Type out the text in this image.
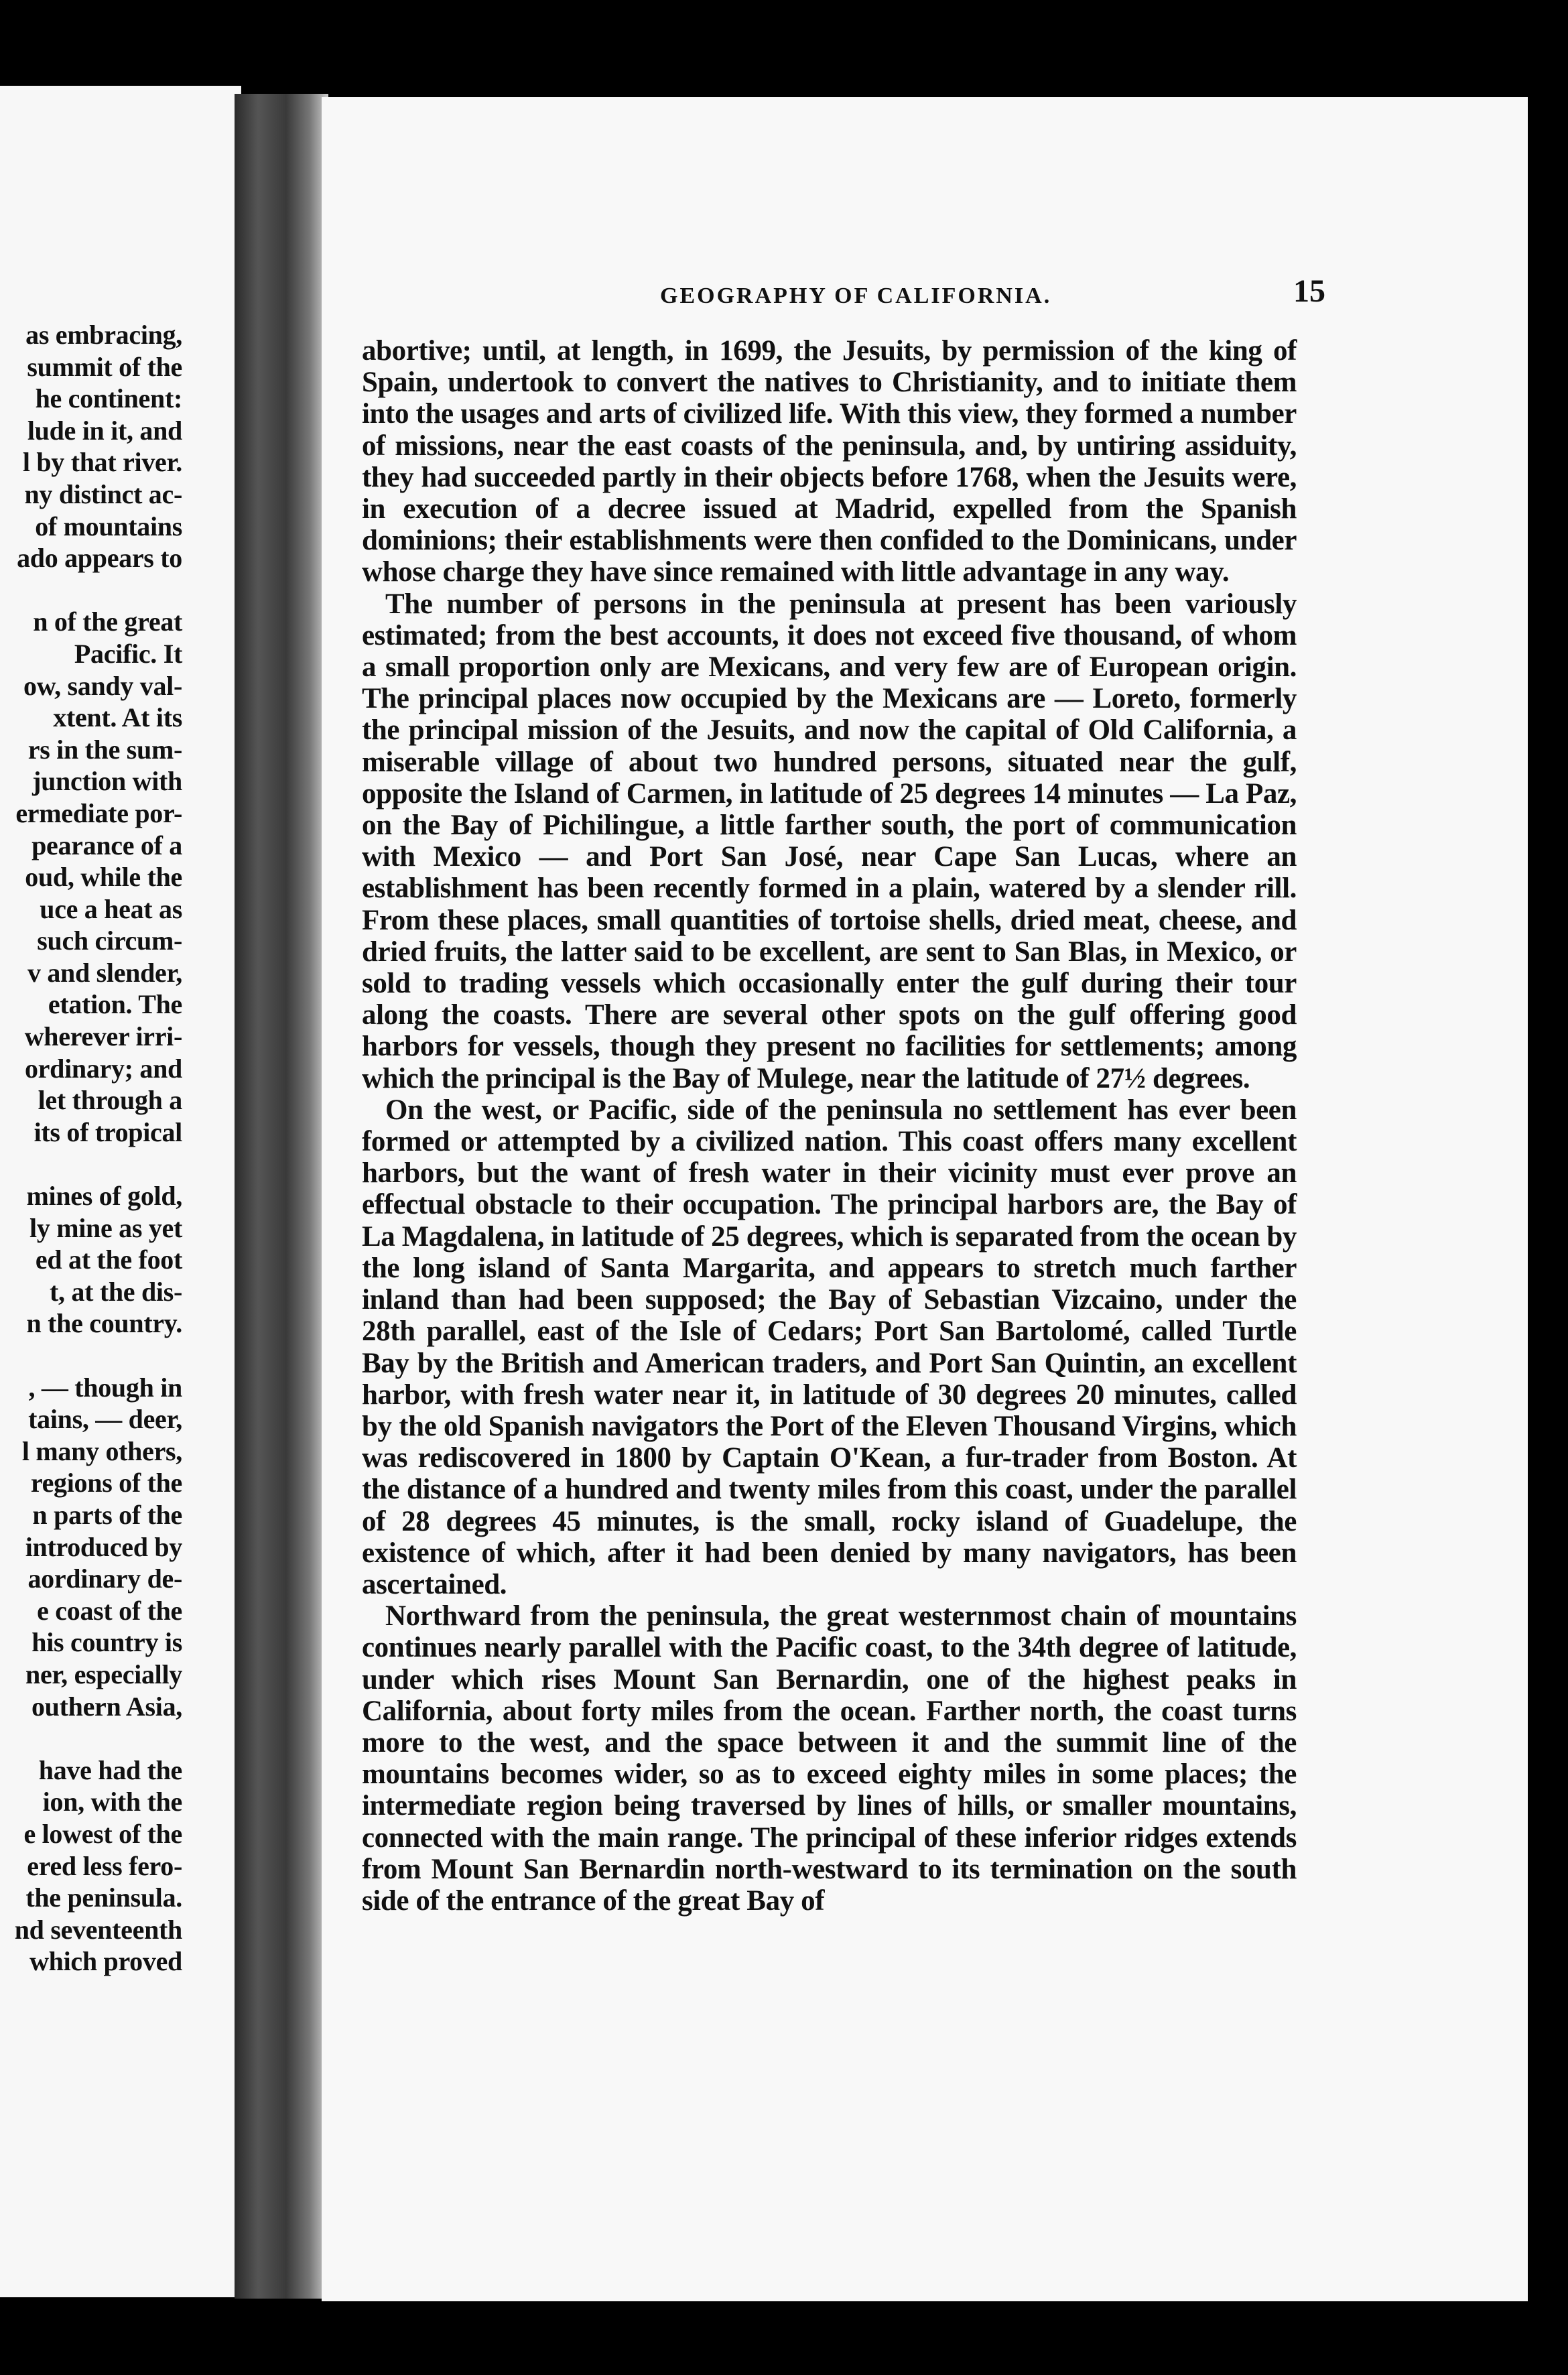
as embracing,
summit of the
he continent:
lude in it, and
l by that river.
ny distinct ac-
of mountains
ado appears to
n of the great
Pacific. It
ow, sandy val-
xtent. At its
rs in the sum-
junction with
ermediate por-
pearance of a
oud, while the
uce a heat as
such circum-
v and slender,
etation. The
wherever irri-
ordinary; and
let through a
its of tropical
mines of gold,
ly mine as yet
ed at the foot
t, at the dis-
n the country.
, — though in
tains, — deer,
l many others,
regions of the
n parts of the
introduced by
aordinary de-
e coast of the
his country is
ner, especially
outhern Asia,
have had the
ion, with the
e lowest of the
ered less fero-
the peninsula.
nd seventeenth
which proved
GEOGRAPHY OF CALIFORNIA.	15

abortive; until, at length, in 1699, the Jesuits, by permission of the king of Spain, undertook to convert the natives to Christianity, and to initiate them into the usages and arts of civilized life. With this view, they formed a number of missions, near the east coasts of the peninsula, and, by untiring assiduity, they had succeeded partly in their objects before 1768, when the Jesuits were, in execution of a decree issued at Madrid, expelled from the Spanish dominions; their establishments were then confided to the Dominicans, under whose charge they have since remained with little advantage in any way.

The number of persons in the peninsula at present has been variously estimated; from the best accounts, it does not exceed five thousand, of whom a small proportion only are Mexicans, and very few are of European origin. The principal places now occupied by the Mexicans are — Loreto, formerly the principal mission of the Jesuits, and now the capital of Old California, a miserable village of about two hundred persons, situated near the gulf, opposite the Island of Carmen, in latitude of 25 degrees 14 minutes — La Paz, on the Bay of Pichilingue, a little farther south, the port of communication with Mexico — and Port San José, near Cape San Lucas, where an establishment has been recently formed in a plain, watered by a slender rill. From these places, small quantities of tortoise shells, dried meat, cheese, and dried fruits, the latter said to be excellent, are sent to San Blas, in Mexico, or sold to trading vessels which occasionally enter the gulf during their tour along the coasts. There are several other spots on the gulf offering good harbors for vessels, though they present no facilities for settlements; among which the principal is the Bay of Mulege, near the latitude of 27½ degrees.

On the west, or Pacific, side of the peninsula no settlement has ever been formed or attempted by a civilized nation. This coast offers many excellent harbors, but the want of fresh water in their vicinity must ever prove an effectual obstacle to their occupation. The principal harbors are, the Bay of La Magdalena, in latitude of 25 degrees, which is separated from the ocean by the long island of Santa Margarita, and appears to stretch much farther inland than had been supposed; the Bay of Sebastian Vizcaino, under the 28th parallel, east of the Isle of Cedars; Port San Bartolomé, called Turtle Bay by the British and American traders, and Port San Quintin, an excellent harbor, with fresh water near it, in latitude of 30 degrees 20 minutes, called by the old Spanish navigators the Port of the Eleven Thousand Virgins, which was rediscovered in 1800 by Captain O'Kean, a fur-trader from Boston. At the distance of a hundred and twenty miles from this coast, under the parallel of 28 degrees 45 minutes, is the small, rocky island of Guadelupe, the existence of which, after it had been denied by many navigators, has been ascertained.

Northward from the peninsula, the great westernmost chain of mountains continues nearly parallel with the Pacific coast, to the 34th degree of latitude, under which rises Mount San Bernardin, one of the highest peaks in California, about forty miles from the ocean. Farther north, the coast turns more to the west, and the space between it and the summit line of the mountains becomes wider, so as to exceed eighty miles in some places; the intermediate region being traversed by lines of hills, or smaller mountains, connected with the main range. The principal of these inferior ridges extends from Mount San Bernardin north-westward to its termination on the south side of the entrance of the great Bay of
